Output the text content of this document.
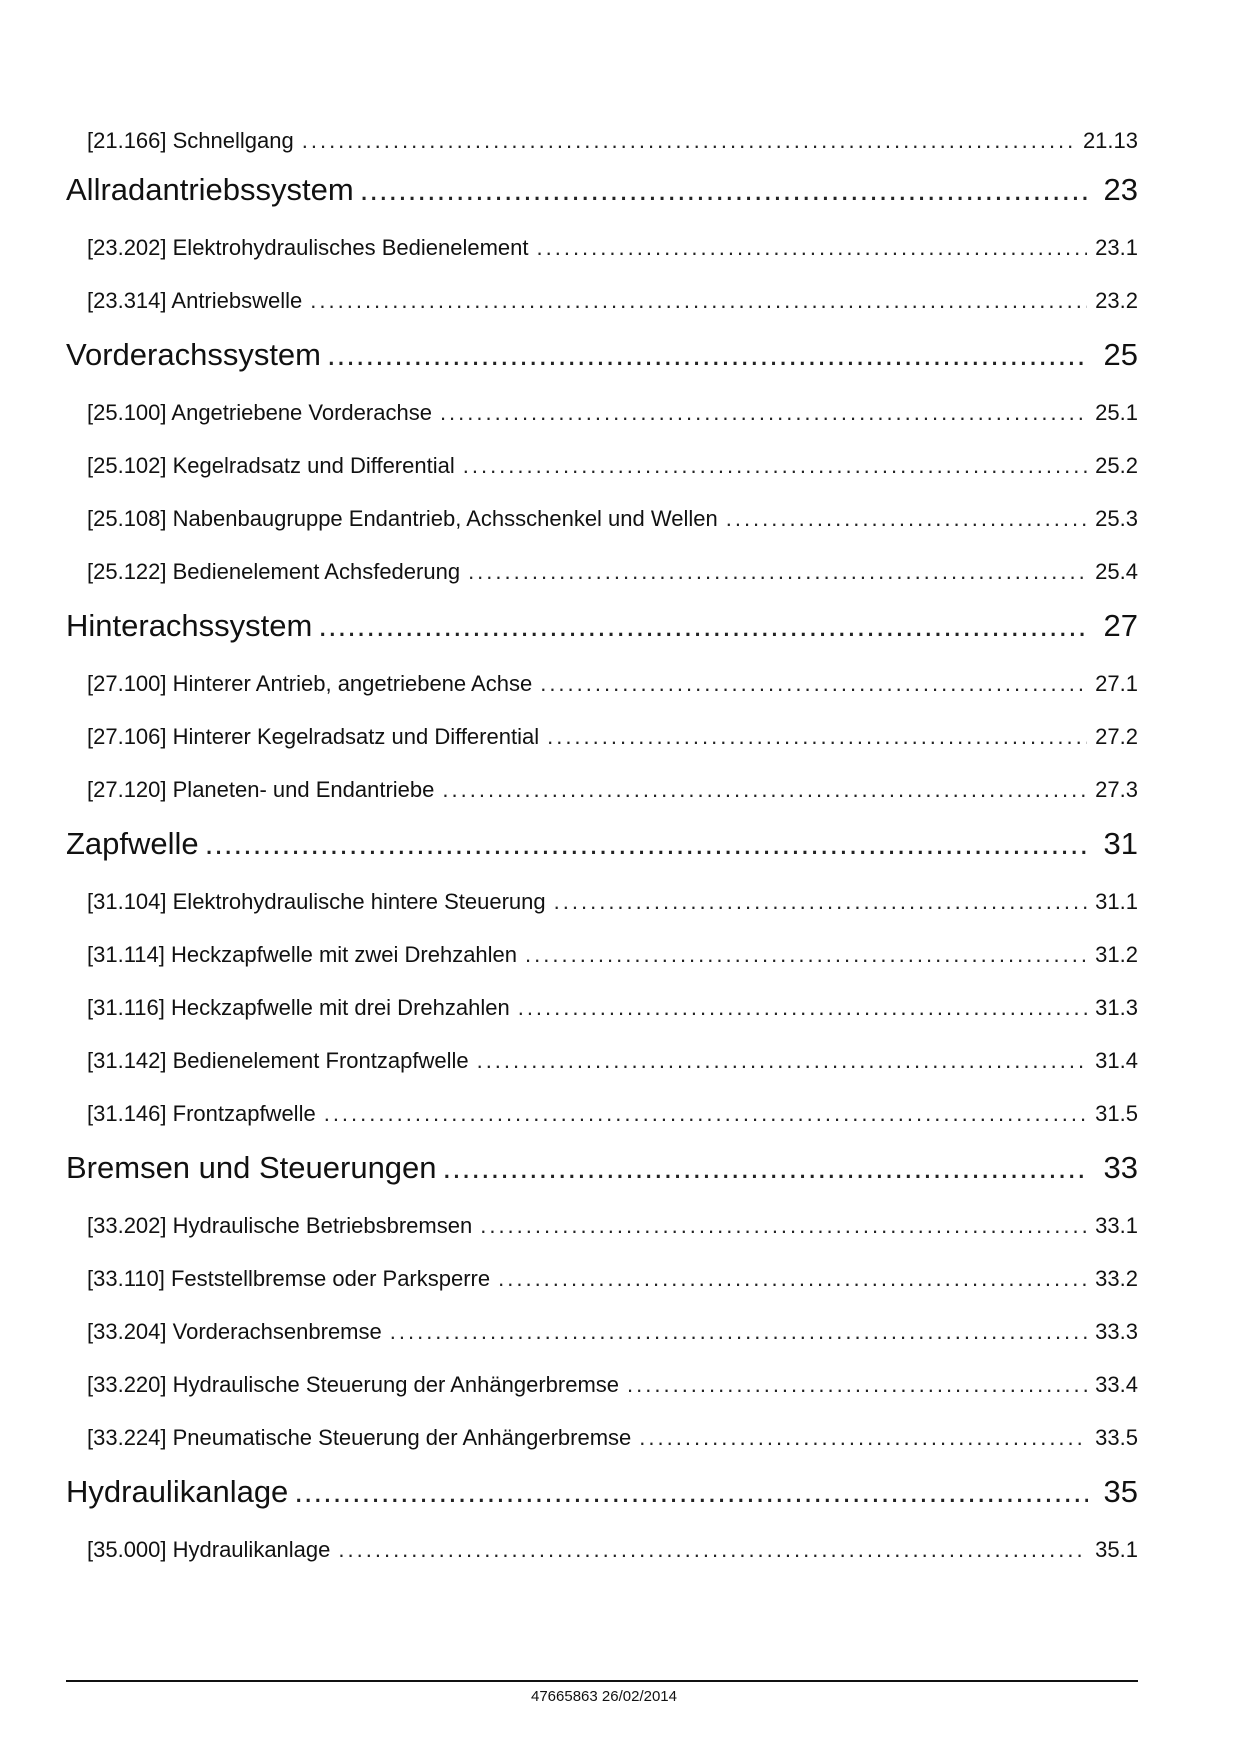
[21.166] Schnellgang .....	21.13
Allradantriebssystem .....	23
[23.202] Elektrohydraulisches Bedienelement .....	23.1
[23.314] Antriebswelle .....	23.2
Vorderachssystem .....	25
[25.100] Angetriebene Vorderachse .....	25.1
[25.102] Kegelradsatz und Differential .....	25.2
[25.108] Nabenbaugruppe Endantrieb, Achsschenkel und Wellen .....	25.3
[25.122] Bedienelement Achsfederung .....	25.4
Hinterachssystem .....	27
[27.100] Hinterer Antrieb, angetriebene Achse .....	27.1
[27.106] Hinterer Kegelradsatz und Differential .....	27.2
[27.120] Planeten- und Endantriebe .....	27.3
Zapfwelle .....	31
[31.104] Elektrohydraulische hintere Steuerung .....	31.1
[31.114] Heckzapfwelle mit zwei Drehzahlen .....	31.2
[31.116] Heckzapfwelle mit drei Drehzahlen .....	31.3
[31.142] Bedienelement Frontzapfwelle .....	31.4
[31.146] Frontzapfwelle .....	31.5
Bremsen und Steuerungen .....	33
[33.202] Hydraulische Betriebsbremsen .....	33.1
[33.110] Feststellbremse oder Parksperre .....	33.2
[33.204] Vorderachsenbremse .....	33.3
[33.220] Hydraulische Steuerung der Anhängerbremse .....	33.4
[33.224] Pneumatische Steuerung der Anhängerbremse .....	33.5
Hydraulikanlage .....	35
[35.000] Hydraulikanlage .....	35.1
47665863 26/02/2014
